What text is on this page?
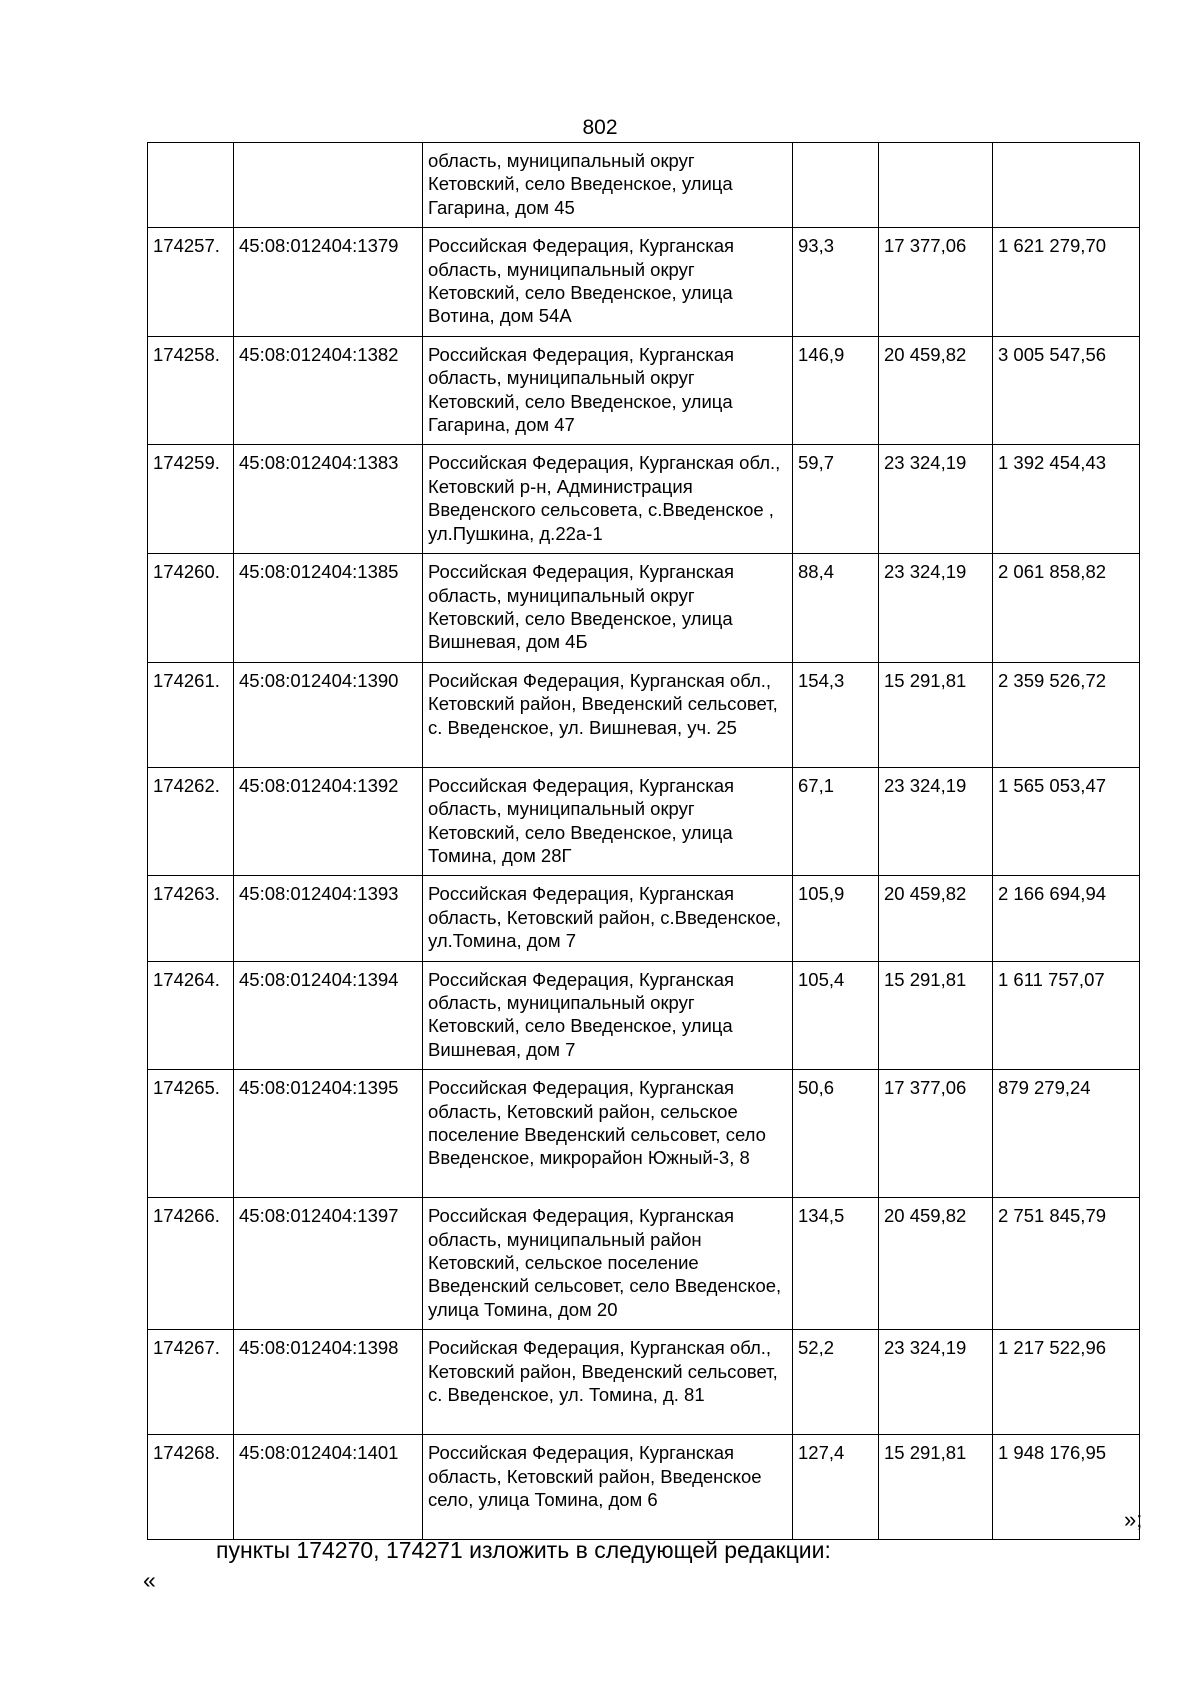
802
		область, муниципальный округ Кетовский, село Введенское, улица Гагарина, дом 45			
174257.	45:08:012404:1379	Российская Федерация, Курганская область, муниципальный округ Кетовский, село Введенское, улица Вотина, дом 54А	93,3	17 377,06	1 621 279,70
174258.	45:08:012404:1382	Российская Федерация, Курганская область, муниципальный округ Кетовский, село Введенское, улица Гагарина, дом 47	146,9	20 459,82	3 005 547,56
174259.	45:08:012404:1383	Российская Федерация, Курганская обл., Кетовский р-н, Администрация Введенского сельсовета, с.Введенское , ул.Пушкина, д.22а-1	59,7	23 324,19	1 392 454,43
174260.	45:08:012404:1385	Российская Федерация, Курганская область, муниципальный округ Кетовский, село Введенское, улица Вишневая, дом 4Б	88,4	23 324,19	2 061 858,82
174261.	45:08:012404:1390	Росийская Федерация, Курганская обл., Кетовский район, Введенский сельсовет, с. Введенское, ул. Вишневая, уч. 25	154,3	15 291,81	2 359 526,72
174262.	45:08:012404:1392	Российская Федерация, Курганская область, муниципальный округ Кетовский, село Введенское, улица Томина, дом 28Г	67,1	23 324,19	1 565 053,47
174263.	45:08:012404:1393	Российская Федерация, Курганская область, Кетовский район, с.Введенское, ул.Томина, дом 7	105,9	20 459,82	2 166 694,94
174264.	45:08:012404:1394	Российская Федерация, Курганская область, муниципальный округ Кетовский, село Введенское, улица Вишневая, дом 7	105,4	15 291,81	1 611 757,07
174265.	45:08:012404:1395	Российская Федерация, Курганская область, Кетовский район, сельское поселение Введенский сельсовет, село Введенское, микрорайон Южный-3, 8	50,6	17 377,06	879 279,24
174266.	45:08:012404:1397	Российская Федерация, Курганская область, муниципальный район Кетовский, сельское поселение Введенский сельсовет, село Введенское, улица Томина, дом 20	134,5	20 459,82	2 751 845,79
174267.	45:08:012404:1398	Росийская Федерация, Курганская обл., Кетовский район, Введенский сельсовет, с. Введенское, ул. Томина, д. 81	52,2	23 324,19	1 217 522,96
174268.	45:08:012404:1401	Российская Федерация, Курганская область, Кетовский район, Введенское село, улица Томина, дом 6	127,4	15 291,81	1 948 176,95
»;
пункты 174270, 174271 изложить в следующей редакции:
«
